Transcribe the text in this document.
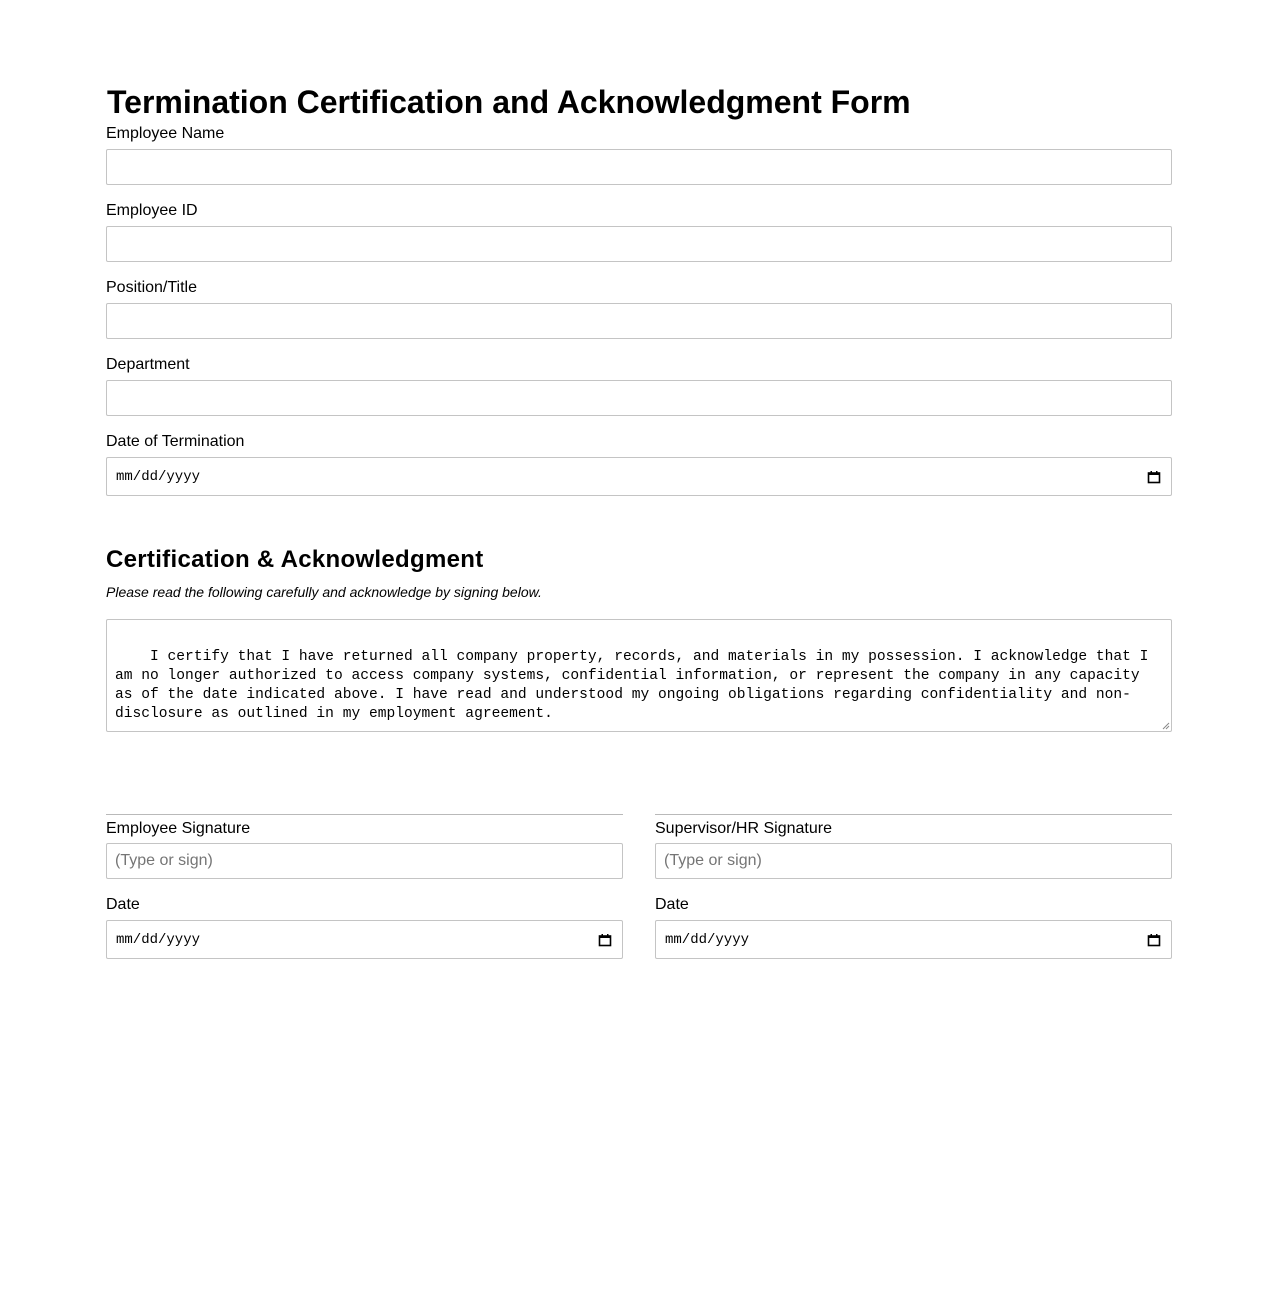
Termination Certification and Acknowledgment Form
Employee Name
Employee ID
Position/Title
Department
Date of Termination
mm/dd/yyyy
Certification & Acknowledgment

Please read the following carefully and acknowledge by signing below.

I certify that I have returned all company property, records, and materials in my possession. I acknowledge that I am no longer authorized to access company systems, confidential information, or represent the company in any capacity as of the date indicated above. I have read and understood my ongoing obligations regarding confidentiality and non-disclosure as outlined in my employment agreement.

Employee Signature
(Type or sign)
Date
mm/dd/yyyy
Supervisor/HR Signature
(Type or sign)
Date
mm/dd/yyyy
